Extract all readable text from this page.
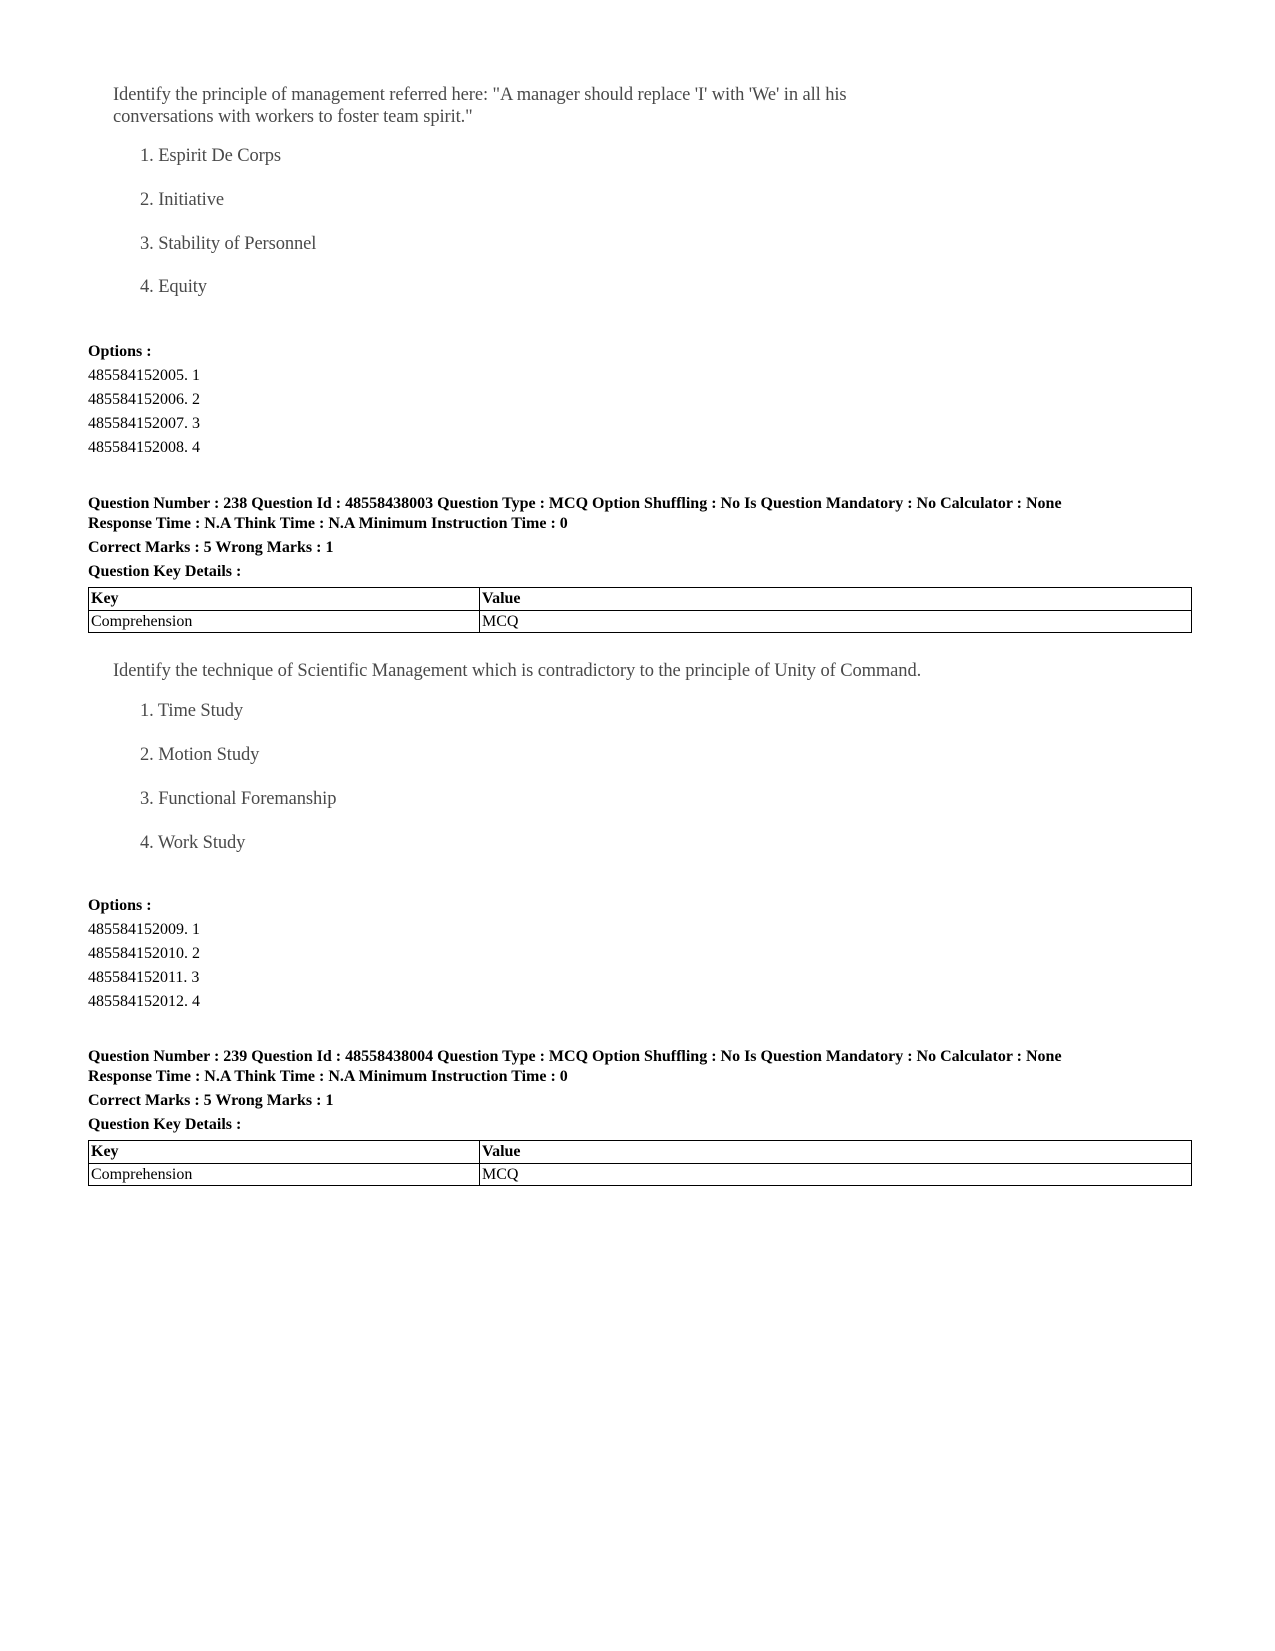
Identify the principle of management referred here: "A manager should replace 'I' with 'We' in all his conversations with workers to foster team spirit."
1. Espirit De Corps
2. Initiative
3. Stability of Personnel
4. Equity
Options :
485584152005. 1
485584152006. 2
485584152007. 3
485584152008. 4
Question Number : 238 Question Id : 48558438003 Question Type : MCQ Option Shuffling : No Is Question Mandatory : No Calculator : None
Response Time : N.A Think Time : N.A Minimum Instruction Time : 0
Correct Marks : 5 Wrong Marks : 1
Question Key Details :
Key	Value
Comprehension	MCQ
Identify the technique of Scientific Management which is contradictory to the principle of Unity of Command.
1. Time Study
2. Motion Study
3. Functional Foremanship
4. Work Study
Options :
485584152009. 1
485584152010. 2
485584152011. 3
485584152012. 4
Question Number : 239 Question Id : 48558438004 Question Type : MCQ Option Shuffling : No Is Question Mandatory : No Calculator : None
Response Time : N.A Think Time : N.A Minimum Instruction Time : 0
Correct Marks : 5 Wrong Marks : 1
Question Key Details :
Key	Value
Comprehension	MCQ
